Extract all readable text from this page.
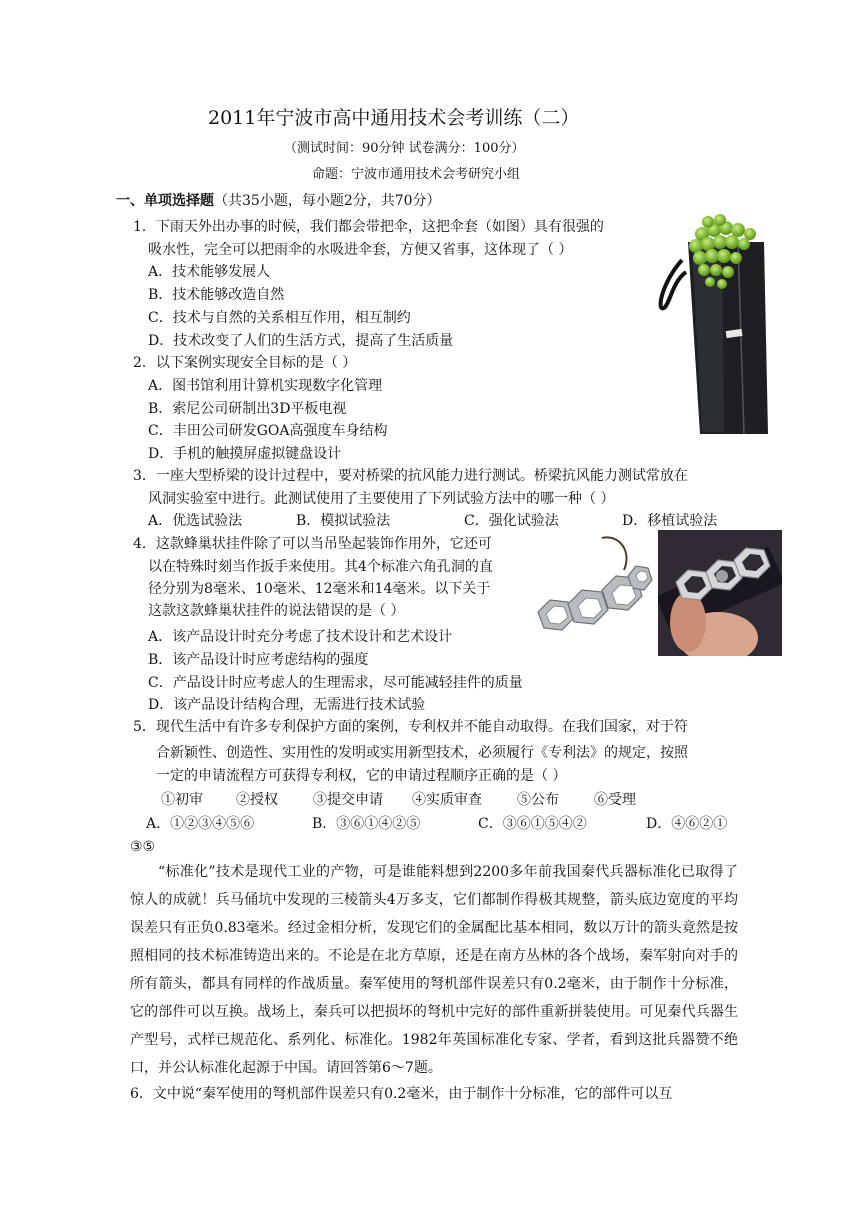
2011年宁波市高中通用技术会考训练（二）
（测试时间：90分钟 试卷满分：100分）
命题：宁波市通用技术会考研究小组
一、单项选择题（共35小题，每小题2分，共70分）
1．下雨天外出办事的时候，我们都会带把伞，这把伞套（如图）具有很强的
吸水性，完全可以把雨伞的水吸进伞套，方便又省事，这体现了（ ）
A．技术能够发展人
B．技术能够改造自然
C．技术与自然的关系相互作用，相互制约
D．技术改变了人们的生活方式，提高了生活质量
2．以下案例实现安全目标的是（ ）
A．图书馆利用计算机实现数字化管理
B．索尼公司研制出3D平板电视
C．丰田公司研发GOA高强度车身结构
D．手机的触摸屏虚拟键盘设计
3．一座大型桥梁的设计过程中，要对桥梁的抗风能力进行测试。桥梁抗风能力测试常放在
风洞实验室中进行。此测试使用了主要使用了下列试验方法中的哪一种（ ）
A．优选试验法	B．模拟试验法	C．强化试验法	D．移植试验法
4．这款蜂巢状挂件除了可以当吊坠起装饰作用外，它还可
以在特殊时刻当作扳手来使用。其4个标准六角孔洞的直
径分别为8毫米、10毫米、12毫米和14毫米。以下关于
这款这款蜂巢状挂件的说法错误的是（ ）
A．该产品设计时充分考虑了技术设计和艺术设计
B．该产品设计时应考虑结构的强度
C．产品设计时应考虑人的生理需求，尽可能减轻挂件的质量
D．该产品设计结构合理，无需进行技术试验
5．现代生活中有许多专利保护方面的案例，专利权并不能自动取得。在我们国家，对于符
合新颖性、创造性、实用性的发明或实用新型技术，必须履行《专利法》的规定，按照
一定的申请流程方可获得专利权，它的申请过程顺序正确的是（ ）
①初审 ②授权	③提交申请 ④实质审查	⑤公布	⑥受理
A．①②③④⑤⑥	B．③⑥①④②⑤	C．③⑥①⑤④②	D．④⑥②①
③⑤
“标准化”技术是现代工业的产物，可是谁能料想到2200多年前我国秦代兵器标准化已取得了惊人的成就！兵马俑坑中发现的三棱箭头4万多支，它们都制作得极其规整，箭头底边宽度的平均误差只有正负0.83毫米。经过金相分析，发现它们的金属配比基本相同，数以万计的箭头竟然是按照相同的技术标准铸造出来的。不论是在北方草原，还是在南方丛林的各个战场，秦军射向对手的所有箭头，都具有同样的作战质量。秦军使用的弩机部件误差只有0.2毫米，由于制作十分标准，它的部件可以互换。战场上，秦兵可以把损坏的弩机中完好的部件重新拼装使用。可见秦代兵器生产型号，式样已规范化、系列化、标准化。1982年英国标准化专家、学者，看到这批兵器赞不绝口，并公认标准化起源于中国。请回答第6～7题。
6．文中说“秦军使用的弩机部件误差只有0.2毫米，由于制作十分标准，它的部件可以互
